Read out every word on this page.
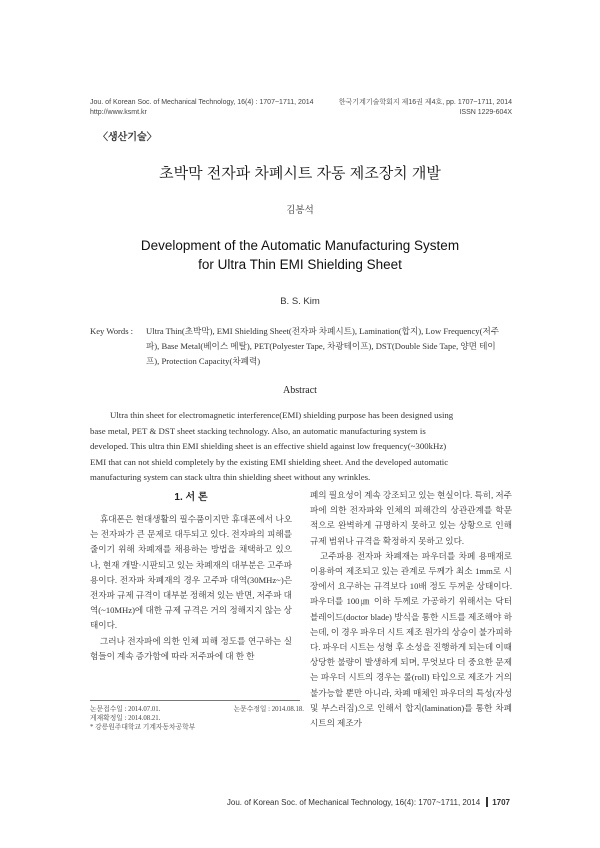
Jou. of Korean Soc. of Mechanical Technology, 16(4) : 1707~1711, 2014
http://www.ksmt.kr
한국기계기술학회지 제16권 제4호, pp. 1707~1711, 2014
ISSN 1229-604X
〈생산기술〉
초박막 전자파 차폐시트 자동 제조장치 개발
김봉석
Development of the Automatic Manufacturing System
for Ultra Thin EMI Shielding Sheet
B. S. Kim
Key Words : Ultra Thin(초박막), EMI Shielding Sheet(전자파 차폐시트), Lamination(합지), Low Frequency(저주
파), Base Metal(베이스 메탈), PET(Polyester Tape, 차광테이프), DST(Double Side Tape, 양면 테이
프), Protection Capacity(차폐력)
Abstract
Ultra thin sheet for electromagnetic interference(EMI) shielding purpose has been designed using
base metal, PET & DST sheet stacking technology. Also, an automatic manufacturing system is
developed. This ultra thin EMI shielding sheet is an effective shield against low frequency(~300kHz)
EMI that can not shield completely by the existing EMI shielding sheet. And the developed automatic
manufacturing system can stack ultra thin shielding sheet without any wrinkles.
1. 서 론

휴대폰은 현대생활의 필수품이지만 휴대폰에서 나오는 전자파가 큰 문제로 대두되고 있다. 전자파의 피해를 줄이기 위해 차폐재를 채용하는 방법을 채택하고 있으나, 현재 개발·시판되고 있는 차폐재의 대부분은 고주파용이다. 전자파 차폐재의 경우 고주파 대역(30MHz~)은 전자파 규제 규격이 대부분 정해져 있는 반면, 저주파 대역(~10MHz)에 대한 규제 규격은 거의 정해지지 않는 상태이다.

그러나 전자파에 의한 인체 피해 정도를 연구하는 실험들이 계속 증가함에 따라 저주파에 대 한 한

논문접수일 : 2014.07.01.	논문수정일 : 2014.08.18.
게재확정일 : 2014.08.21.
* 강릉원주대학교 기계자동차공학부

폐의 필요성이 계속 강조되고 있는 현실이다. 특히, 저주파에 의한 전자파와 인체의 피해간의 상관관계를 학문적으로 완벽하게 규명하지 못하고 있는 상황으로 인해 규제 범위나 규격을 확정하지 못하고 있다.

고주파용 전자파 차폐재는 파우더를 차페 용매재로 이용하여 제조되고 있는 관계로 두께가 최소 1mm로 시장에서 요구하는 규격보다 10배 정도 두꺼운 상태이다. 파우더를 100㎛ 이하 두께로 가공하기 위해서는 닥터 블레이드(doctor blade) 방식을 통한 시트를 제조해야 하는데, 이 경우 파우더 시트 제조 원가의 상승이 불가피하다. 파우더 시트는 성형 후 소성을 진행하게 되는데 이때 상당한 불량이 발생하게 되며, 무엇보다 더 중요한 문제는 파우더 시트의 경우는 롤(roll) 타입으로 제조가 거의 불가능할 뿐만 아니라, 차폐 매체인 파우더의 특성(자성 및 부스러짐)으로 인해서 합지(lamination)를 통한 차폐시트의 제조가

Jou. of Korean Soc. of Mechanical Technology, 16(4): 1707~1711, 2014 1707
